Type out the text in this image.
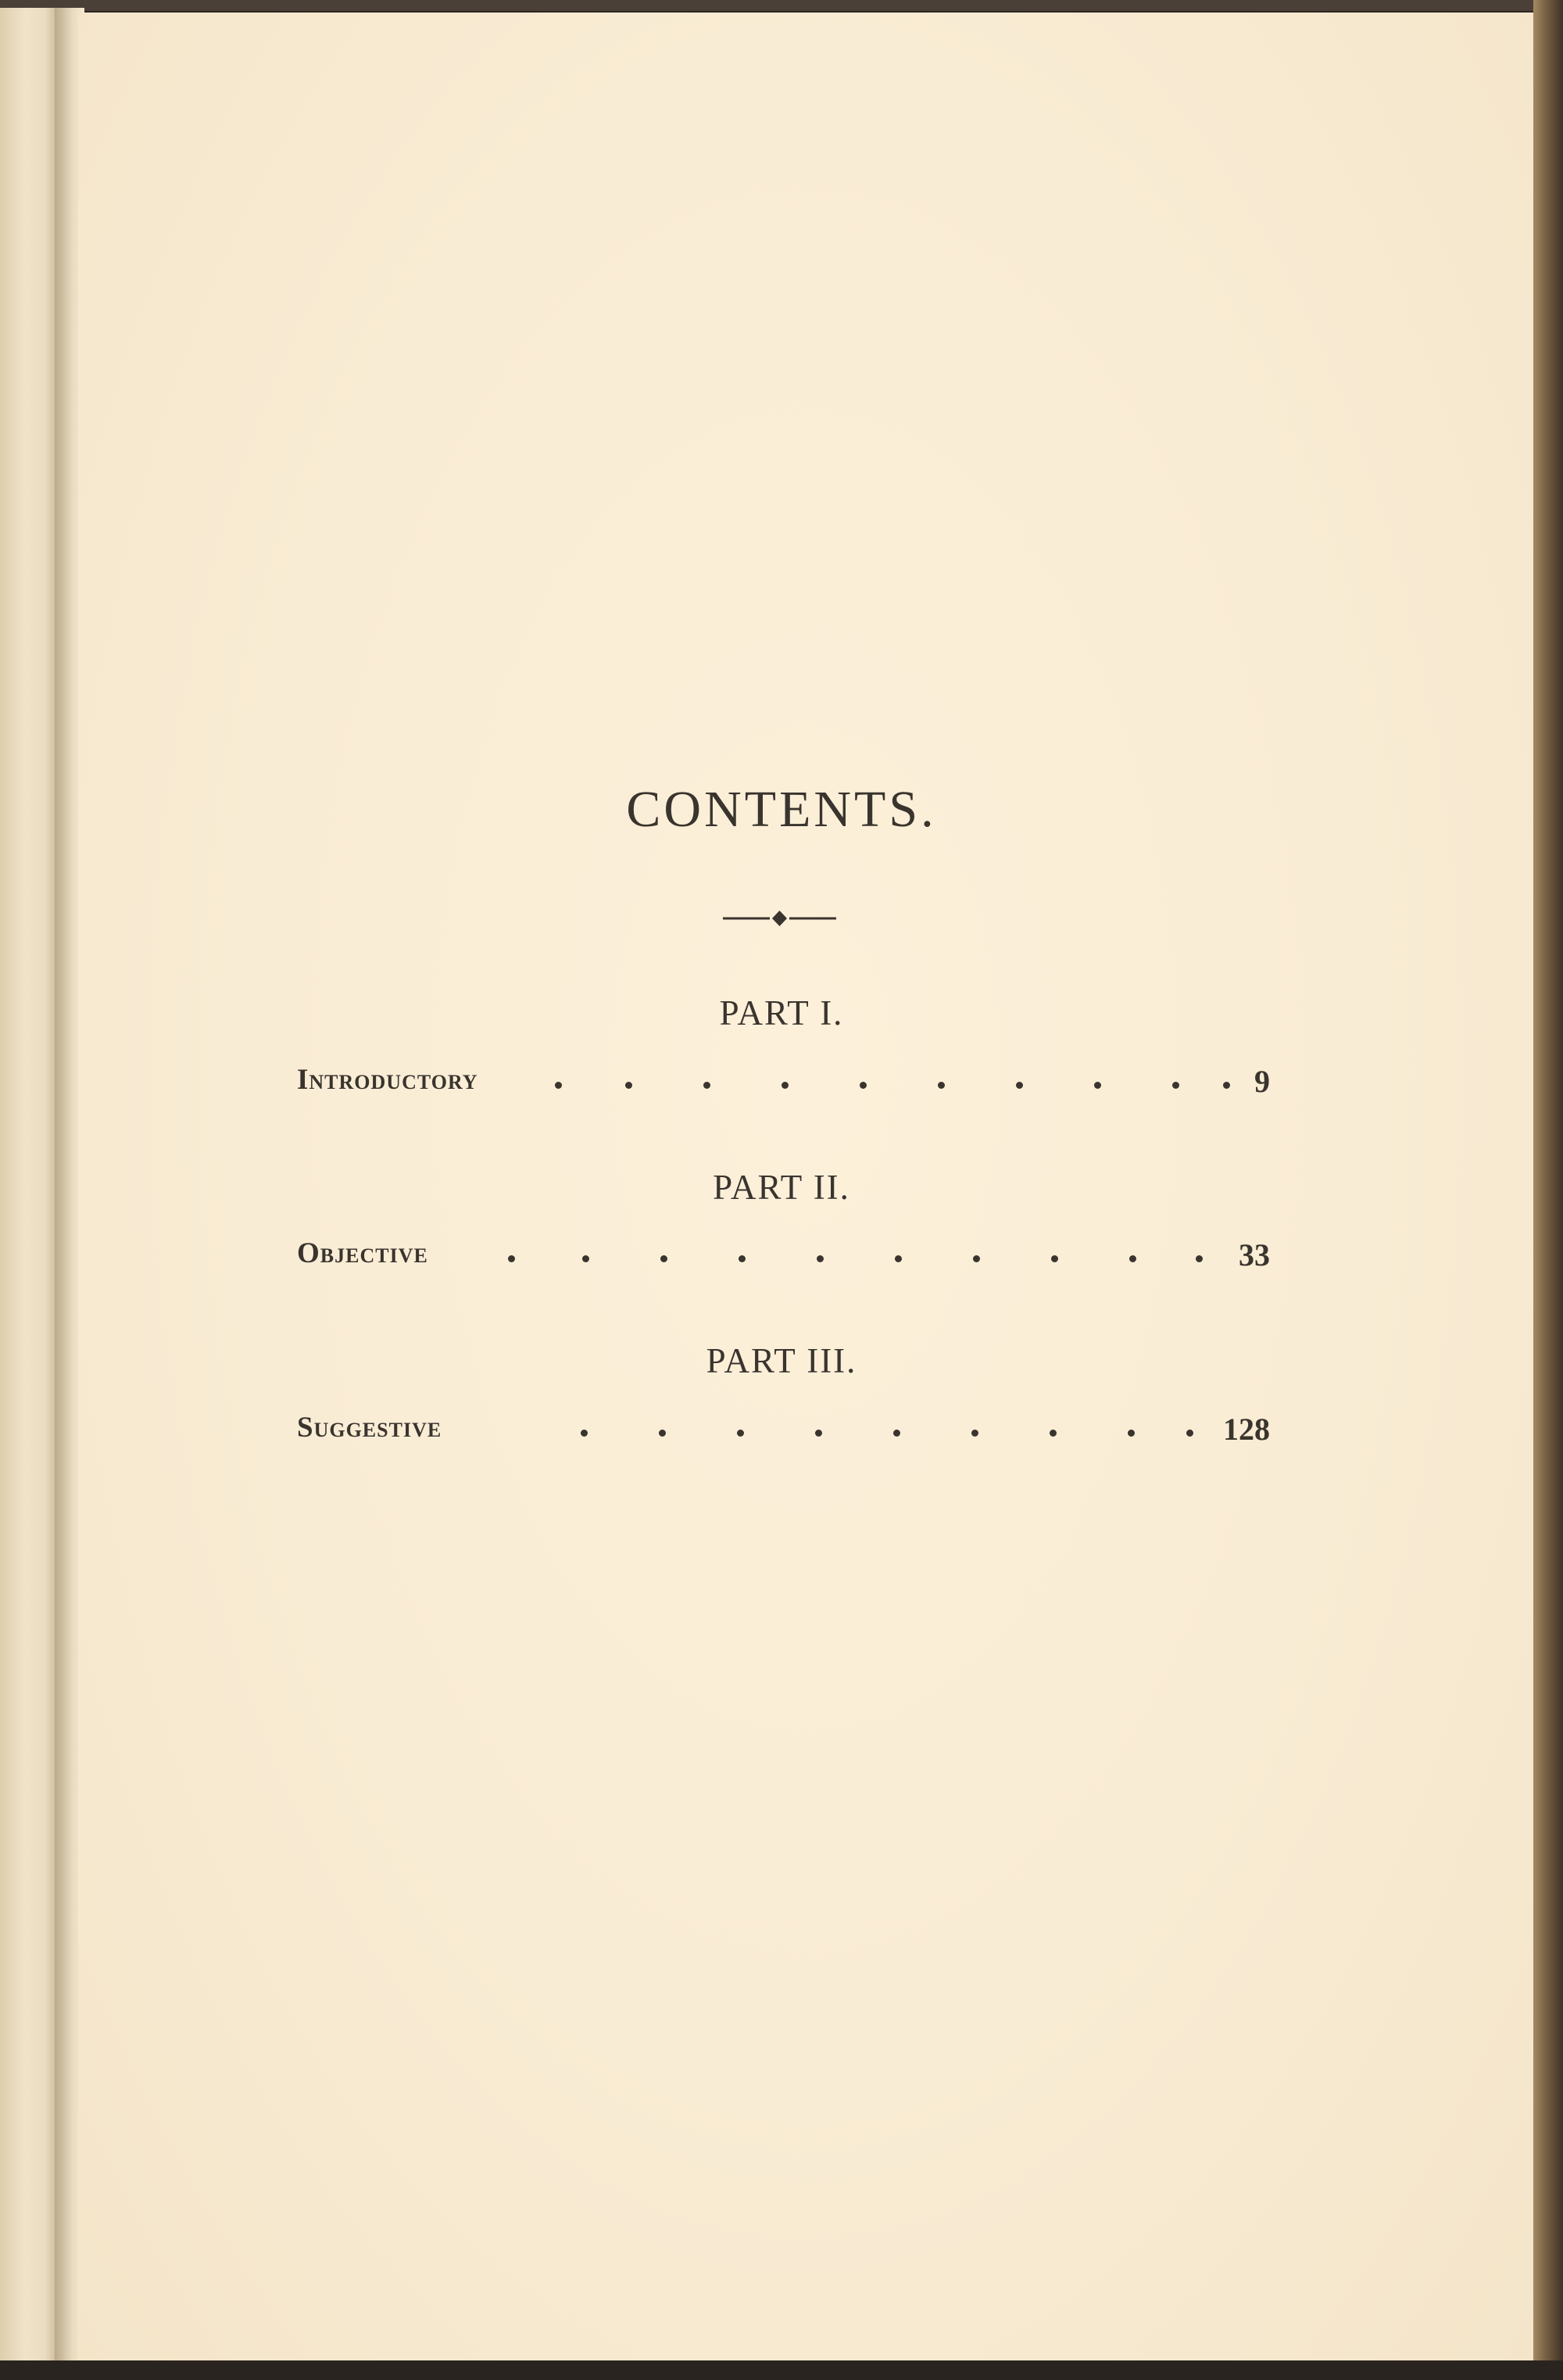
CONTENTS.
PART I.
Introductory	9
PART II.
Objective	33
PART III.
Suggestive	128
